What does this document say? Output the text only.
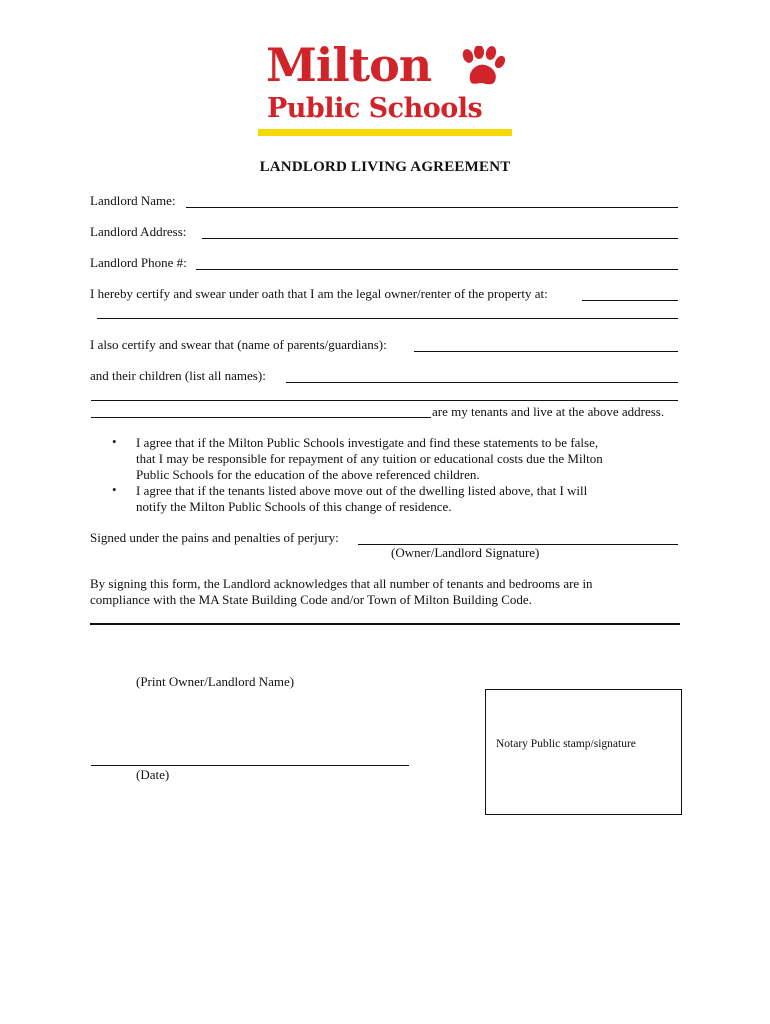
Milton
Public Schools
LANDLORD LIVING AGREEMENT
Landlord Name:
Landlord Address:
Landlord Phone #:
I hereby certify and swear under oath that I am the legal owner/renter of the property at:
I also certify and swear that (name of parents/guardians):
and their children (list all names):
are my tenants and live at the above address.
• I agree that if the Milton Public Schools investigate and find these statements to be false,
that I may be responsible for repayment of any tuition or educational costs due the Milton
Public Schools for the education of the above referenced children.
• I agree that if the tenants listed above move out of the dwelling listed above, that I will
notify the Milton Public Schools of this change of residence.
Signed under the pains and penalties of perjury:
(Owner/Landlord Signature)
By signing this form, the Landlord acknowledges that all number of tenants and bedrooms are in
compliance with the MA State Building Code and/or Town of Milton Building Code.
(Print Owner/Landlord Name)
(Date)
Notary Public stamp/signature
